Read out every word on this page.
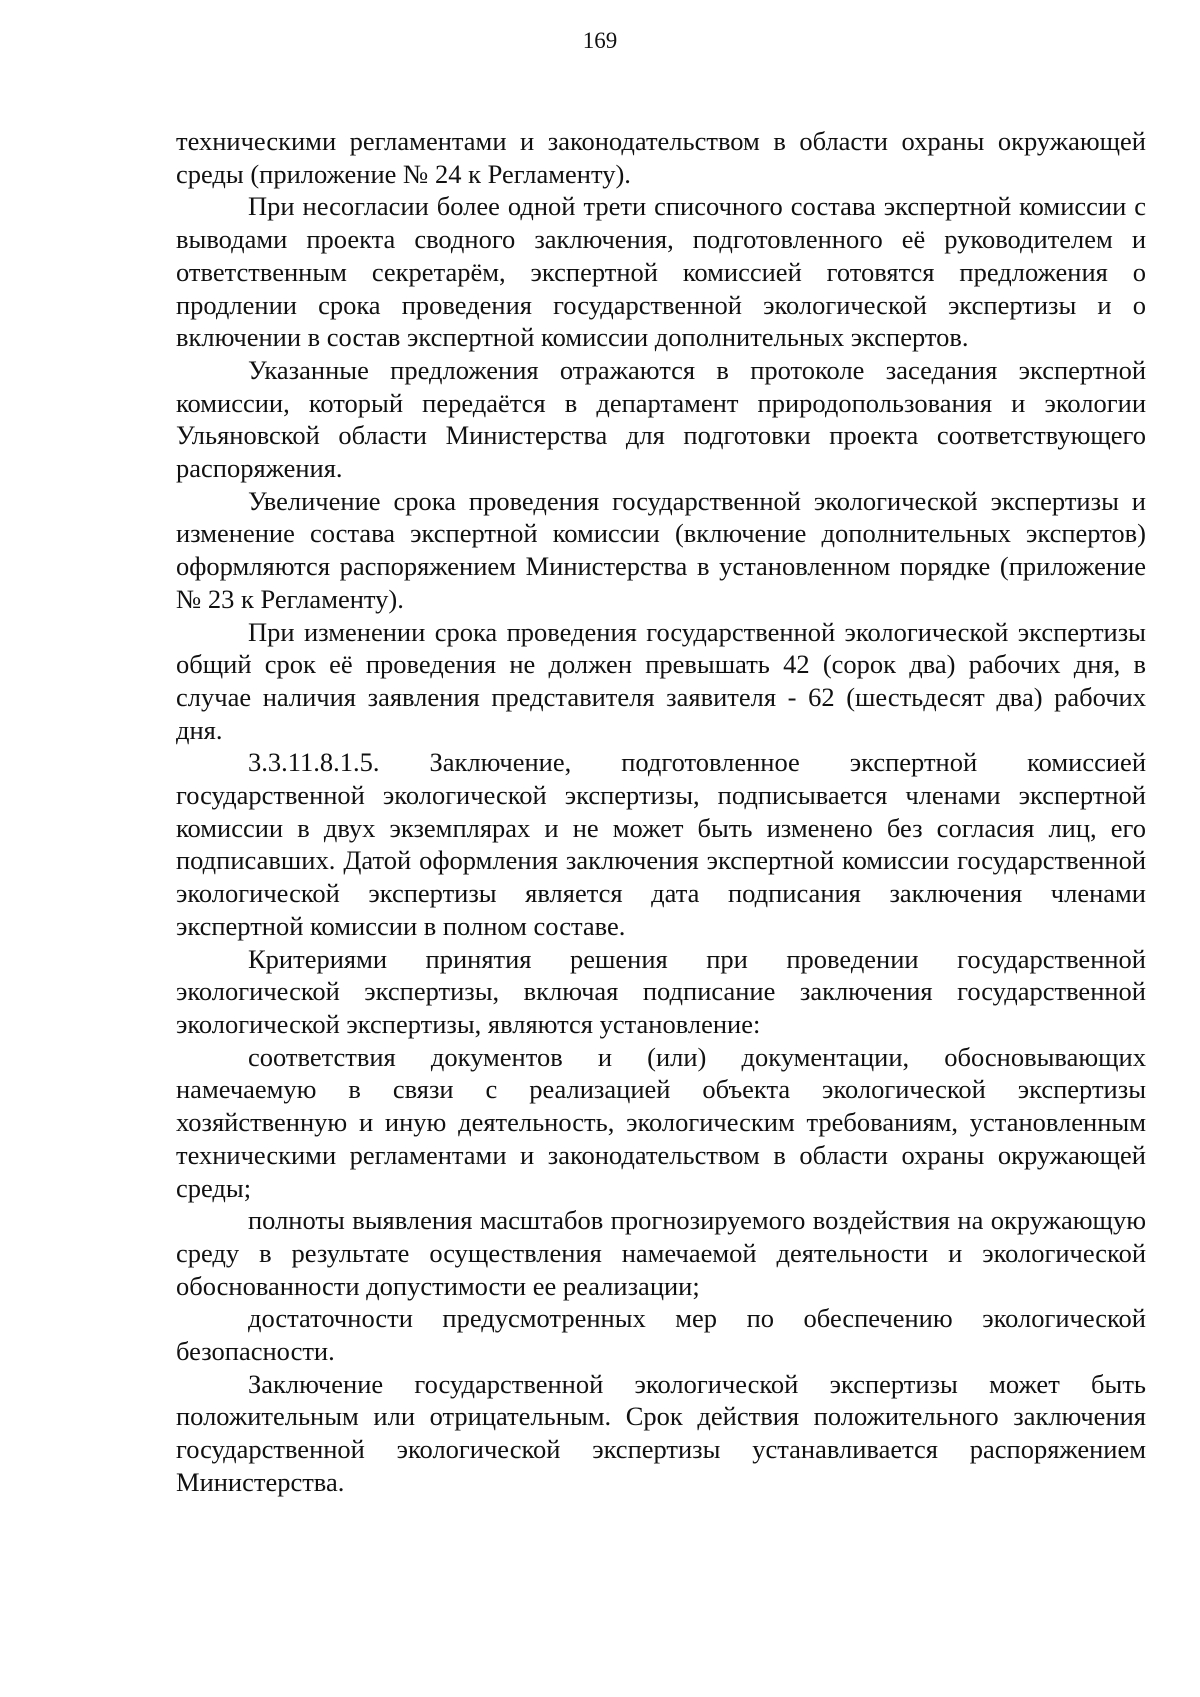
169

техническими регламентами и законодательством в области охраны окружающей среды (приложение № 24 к Регламенту).

При несогласии более одной трети списочного состава экспертной комиссии с выводами проекта сводного заключения, подготовленного её руководителем и ответственным секретарём, экспертной комиссией готовятся предложения о продлении срока проведения государственной экологической экспертизы и о включении в состав экспертной комиссии дополнительных экспертов.

Указанные предложения отражаются в протоколе заседания экспертной комиссии, который передаётся в департамент природопользования и экологии Ульяновской области Министерства для подготовки проекта соответствующего распоряжения.

Увеличение срока проведения государственной экологической экспертизы и изменение состава экспертной комиссии (включение дополнительных экспертов) оформляются распоряжением Министерства в установленном порядке (приложение № 23 к Регламенту).

При изменении срока проведения государственной экологической экспертизы общий срок её проведения не должен превышать 42 (сорок два) рабочих дня, в случае наличия заявления представителя заявителя - 62 (шестьдесят два) рабочих дня.

3.3.11.8.1.5. Заключение, подготовленное экспертной комиссией государственной экологической экспертизы, подписывается членами экспертной комиссии в двух экземплярах и не может быть изменено без согласия лиц, его подписавших. Датой оформления заключения экспертной комиссии государственной экологической экспертизы является дата подписания заключения членами экспертной комиссии в полном составе.

Критериями принятия решения при проведении государственной экологической экспертизы, включая подписание заключения государственной экологической экспертизы, являются установление:

соответствия документов и (или) документации, обосновывающих намечаемую в связи с реализацией объекта экологической экспертизы хозяйственную и иную деятельность, экологическим требованиям, установленным техническими регламентами и законодательством в области охраны окружающей среды;

полноты выявления масштабов прогнозируемого воздействия на окружающую среду в результате осуществления намечаемой деятельности и экологической обоснованности допустимости ее реализации;

достаточности предусмотренных мер по обеспечению экологической безопасности.

Заключение государственной экологической экспертизы может быть положительным или отрицательным. Срок действия положительного заключения государственной экологической экспертизы устанавливается распоряжением Министерства.
